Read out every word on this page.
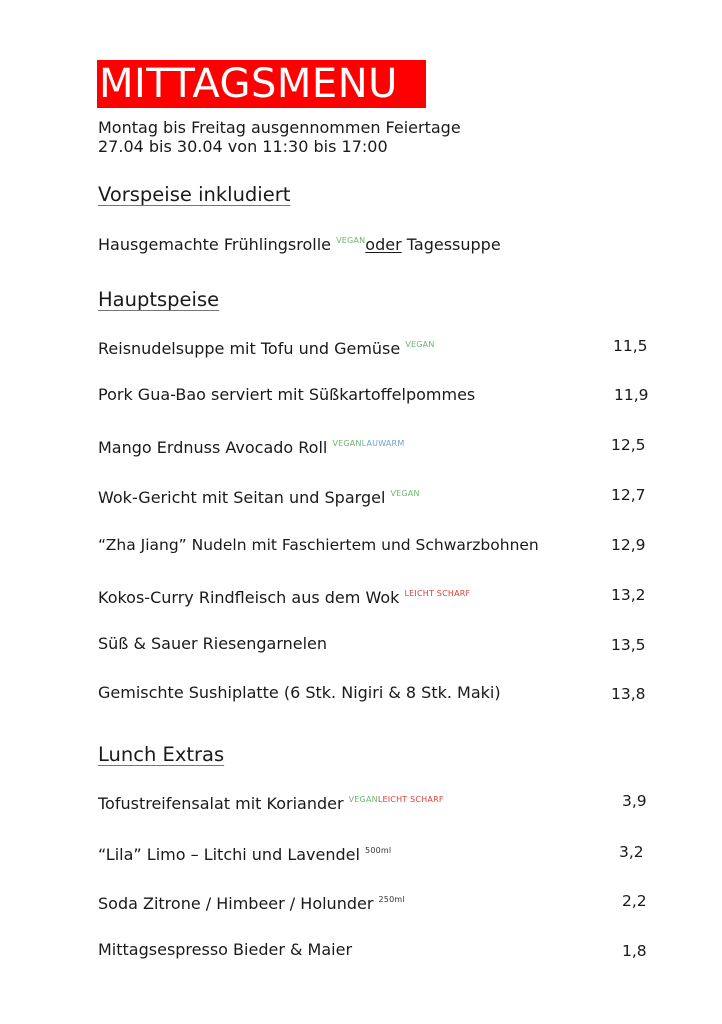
MITTAGSMENU
Montag bis Freitag ausgennommen Feiertage
27.04 bis 30.04 von 11:30 bis 17:00
Vorspeise inkludiert
Hausgemachte Frühlingsrolle $^{VEGAN}$oder Tagessuppe
Hauptspeise
Reisnudelsuppe mit Tofu und Gemüse $^{VEGAN}$	11,5
Pork Gua-Bao serviert mit Süßkartoffelpommes	11,9
Mango Erdnuss Avocado Roll $^{VEGANLAUWARM}$	12,5
Wok-Gericht mit Seitan und Spargel $^{VEGAN}$	12,7
“Zha Jiang” Nudeln mit Faschiertem und Schwarzbohnen	12,9
Kokos-Curry Rindfleisch aus dem Wok $^{LEICHT SCHARF}$	13,2
Süß & Sauer Riesengarnelen	13,5
Gemischte Sushiplatte (6 Stk. Nigiri & 8 Stk. Maki)	13,8
Lunch Extras
Tofustreifensalat mit Koriander $^{VEGANLEICHT SCHARF}$	3,9
“Lila” Limo – Litchi und Lavendel $^{500ml}$	3,2
Soda Zitrone / Himbeer / Holunder $^{250ml}$	2,2
Mittagsespresso Bieder & Maier	1,8
